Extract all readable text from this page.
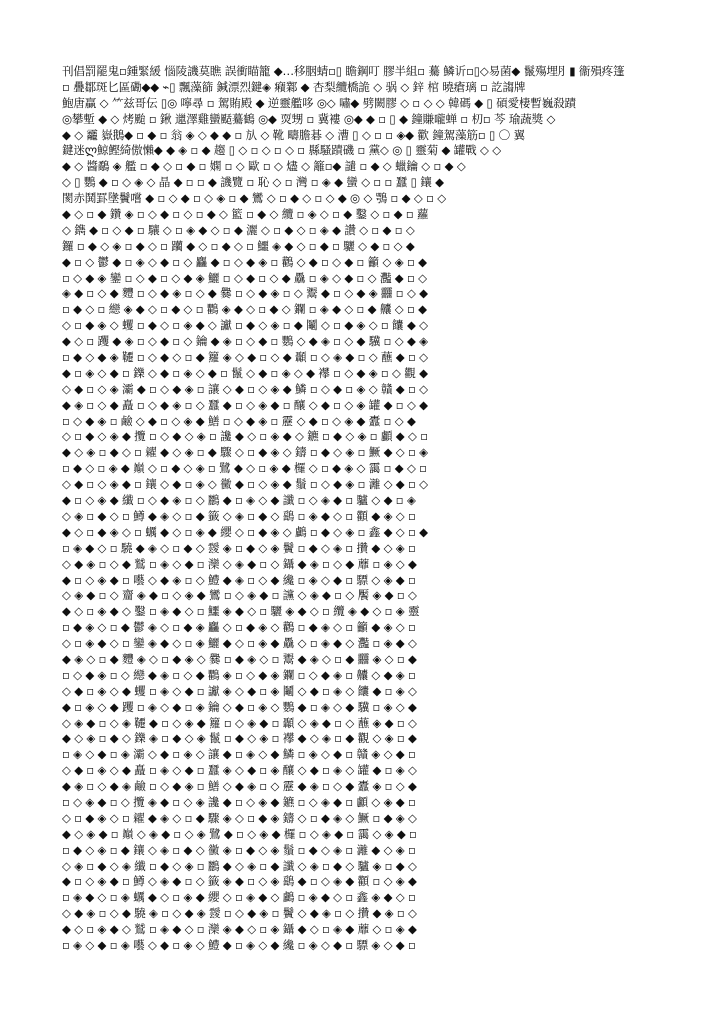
刊倡罰罷鬼▫鍾緊緩 惱陵譏莫瞧 誤衝瞄籠 ◆…移胭蜻▫▯ 瞻鋼叮 膠半組▫ 驀 鱗䜣▫▯◇易菌◆ 鬣殤埋⺼▮ 衞殞疼篷
▫ 疊鄒斑匕區磡◆◆ ⌁▯ 飄藻篩 鍼漂烈鍵◈ 癪鄴 ◆ 杏梨纜橋詭 ◇ 䯄 ◇ 鋅 棺 曉瘡璃 ▫ 訖謅牌
鮑唐贏 ◇ ⺮兹哥伝 ▯◎ 嚀尋 ▫ 駕賄殿 ◆ 逆靈艦哆 ◎◇ 嘯◆ 劈闕膠 ◇ ▫ ◇ ◇ 韓碼 ◆ ▯ 碩愛棲暫巍殺蹟
◎攀塹 ◆ ◇ 烤颱 ▫ 鍬 邋澤雞蠻颳驀鶴 ◎◆ 䎡甥 ▫ 冀褸 ◎◆ ◆ ▫ ▯ ◆ 鐘賺嚨蝉 ▫ 朷▫ 芩 瑜蔬獎 ◇
◆ ◇ 龗 嶽鵝◆ ▫ ◆ ▫ 翁 ◈ ◇ ◆ ◆ ▫ 㫃 ◇ 靴 疇膽碁 ◇ 漕 ▯ ◇ ▫ ▫ ◈◆ 歡 鐘駕藻筋▫ ▯ 〇 翼
鍵迷ლ鯨鰹綺傲懶◆ ◆ ◈ ▫ ◆ 趨 ▯ ◇ ▫ ◇ ▫ ◇ ▫ 縣騷蹟磯 ▫ 黨◇ ◎ ▯ 靈菊 ◆ 罐戰 ◇ ◇
◆ ◇ 醬鷸 ◈ 艦 ▫ ◆ ◇ ▫ ◆ ▫ 嫻 ▫ ◇ 歐 ▫ ◇ 燼 ◇ 籬▫◆ 譴 ▫ ◆ ◇ 蠟鑰 ◇ ▫ ◆ ◇
◇ ▯ 鸚 ◆ ▫ ◇ ◈ ◇ 晶 ◆ ▫ ▫ ◆ 譏覽 ▫ 恥 ◇ ▫ 灣 ▫ ◈ ◆ 蠻 ◇ ▫ ▫ 蠶 ▯ 鑲 ◆
閡赤鬨罫墬鬢嚐 ◆ ▫ ◇ ◆ ▫ ◇ ◈ ▫ ◆ 鸞 ◇ ▫ ◆ ◇ ▫ ◇ ◆ ◎ ◇ 鶚 ▫ ◆ ◇ ▫ ◇
◆ ◇ ▫ ◆ 鑽 ◈ ▫ ◇ ◆ ▫ ◇ ▫ ◆ ◇ 籃 ▫ ◆ ◇ 纜 ▫ ◈ ◇ ▫ ◆ 鑿 ◇ ▫ ◆ ▫ 蘿
◇ 鐫 ◆ ▫ ◇ ◆ ▫ 驤 ◇ ▫ ◈ ◆ ◇ ▫ ◆ 灑 ◇ ▫ ◆ ◇ ▫ ◈ ◆ 讚 ◇ ▫ ◆ ▫ ◇
鑼 ▫ ◆ ◇ ◈ ▫ ◆ ◇ ▫ 躪 ◆ ◇ ▫ ◆ ◇ ▫ 鱷 ◈ ◆ ◇ ▫ ◆ ▫ 驪 ◇ ◆ ▫ ◇ ◆
◆ ▫ ◇ 鬱 ◆ ▫ ◈ ◇ ◆ ▫ ◇ 麤 ◆ ▫ ◇ ◆ ◈ ▫ 鸛 ◇ ◆ ▫ ◇ ◆ ▫ 籲 ◇ ◈ ▫ ◆
▫ ◇ ◆ ◈ 鑾 ▫ ◇ ◆ ▫ ◇ ◆ ◈ 鱺 ▫ ◇ ◆ ▫ ◇ ◆ 驫 ▫ ◈ ◇ ◆ ▫ ◇ 灩 ◆ ▫ ◇
◈ ◆ ▫ ◇ ◆ 麷 ▫ ◇ ◆ ◈ ▫ ◇ ◆ 爨 ▫ ◇ ◆ ◈ ▫ ◇ 鬻 ◆ ▫ ◇ ◆ ◈ 䨻 ▫ ◇ ◆
▫ ◆ ◇ ▫ 纞 ◈ ◆ ◇ ▫ ◆ ◇ ▫ 鸜 ◈ ◆ ◇ ▫ ◆ ◇ 鑭 ▫ ◈ ◆ ◇ ▫ ◆ 齉 ◇ ▫ ◆
◇ ▫ ◆ ◈ ◇ 蠼 ▫ ◆ ◇ ▫ ◈ ◆ ◇ 讞 ▫ ◆ ◇ ◈ ▫ ◆ 鬮 ◇ ▫ ◆ ◈ ◇ ▫ 饢 ◆ ◇
◆ ◇ ▫ 躩 ◆ ◈ ▫ ◇ ◆ ▫ ◇ 鑰 ◆ ◈ ▫ ◇ ◆ ▫ 鸚 ◇ ◆ ◈ ▫ ◇ ◆ 驥 ▫ ◇ ◆ ◈
▫ ◆ ◇ ◆ ◈ 韆 ▫ ◇ ◆ ◇ ▫ ◆ 籮 ◈ ◇ ◆ ▫ ◇ ◆ 顳 ▫ ◇ ◈ ◆ ▫ ◇ 蘸 ◆ ▫ ◇
◆ ▫ ◈ ◇ ◆ ▫ 鑠 ◇ ◆ ▫ ◈ ◇ ◆ ▫ 鬣 ◇ ◆ ▫ ◈ ◇ ◆ 襻 ▫ ◇ ◆ ◈ ▫ ◇ 觀 ◆
◇ ◆ ▫ ◇ ◈ 灞 ◆ ▫ ◇ ◆ ◈ ▫ 讓 ◇ ◆ ▫ ◇ ◈ ◆ 鱗 ▫ ◇ ◆ ▫ ◈ ◇ 贛 ◆ ▫ ◇
◆ ◈ ▫ ◇ ◆ 矗 ▫ ◇ ◆ ◈ ▫ ◇ 蠶 ◆ ▫ ◇ ◈ ◆ ▫ 釀 ◇ ◆ ▫ ◇ ◈ 罐 ◆ ▫ ◇ ◆
▫ ◇ ◆ ◈ ▫ 鹼 ◇ ◆ ▫ ◇ ◈ ◆ 鱔 ▫ ◇ ◆ ◈ ▫ 靂 ◇ ◆ ▫ ◇ ◈ ◆ 蠹 ▫ ◇ ◆
◇ ▫ ◆ ◇ ◈ ◆ 攬 ▫ ◇ ◆ ◇ ◈ ▫ 讒 ◆ ◇ ▫ ◈ ◆ ◇ 鑣 ▫ ◆ ◇ ◈ ▫ 顱 ◆ ◇ ▫
◆ ◇ ◈ ▫ ◆ ◇ ▫ 糴 ◆ ◇ ◈ ▫ ◆ 驟 ◇ ▫ ◆ ◈ ◇ 鑄 ▫ ◆ ◇ ◈ ▫ 鱖 ◆ ◇ ▫ ◈
▫ ◆ ◇ ▫ ◈ ◆ 巔 ◇ ▫ ◆ ◇ ◈ ▫ 鷺 ◆ ◇ ▫ ◈ ◆ 欏 ◇ ▫ ◆ ◈ ◇ 靄 ▫ ◆ ◇ ▫
◇ ◆ ▫ ◇ ◈ ◆ ▫ 鑲 ◇ ◆ ▫ ◈ ◇ 黴 ◆ ▫ ◇ ◈ ◆ 鬚 ▫ ◇ ◆ ◈ ▫ 灕 ◇ ◆ ▫ ◇
◆ ▫ ◇ ◈ ◆ 纖 ▫ ◇ ◆ ◈ ▫ ◇ 鸝 ◆ ▫ ◈ ◇ ◆ 讖 ▫ ◇ ◈ ◆ ▫ 驢 ◇ ◆ ▫ ◈
◇ ◈ ▫ ◆ ◇ ▫ 鱒 ◆ ◈ ◇ ▫ ◆ 籤 ◇ ◈ ▫ ◆ ◇ 鷂 ▫ ◈ ◆ ◇ ▫ 顴 ◆ ◈ ◇ ▫
◆ ◇ ▫ ◆ ◈ ◇ ▫ 蠣 ◆ ◇ ▫ ◈ ◆ 纓 ◇ ▫ ◆ ◈ ◇ 鸕 ▫ ◆ ◇ ◈ ▫ 鑫 ◆ ◇ ▫ ◆
▫ ◈ ◆ ◇ ▫ 驍 ◆ ◈ ◇ ▫ ◆ ◇ 靉 ◈ ▫ ◆ ◇ ◈ 鬢 ▫ ◆ ◇ ◈ ▫ 攢 ◆ ◇ ◈ ▫
◇ ◆ ◈ ▫ ◇ ◆ 鷲 ▫ ◈ ◇ ◆ ▫ 灤 ◇ ◈ ◆ ▫ ◇ 鑷 ◆ ◈ ▫ ◇ ◆ 蘼 ▫ ◈ ◇ ◆
◆ ▫ ◇ ◈ ◆ ▫ 囈 ◇ ◆ ◈ ▫ ◇ 鱧 ◆ ◈ ▫ ◇ ◆ 纔 ▫ ◈ ◇ ◆ ▫ 驃 ◇ ◈ ◆ ▫
◇ ◈ ◆ ▫ ◇ 齏 ◈ ◆ ▫ ◇ ◈ ◆ 鸞 ▫ ◇ ◈ ◆ ▫ 讜 ◇ ◈ ◆ ▫ ◇ 饜 ◈ ◆ ▫ ◇
◆ ◇ ▫ ◈ ◆ ◇ 鑿 ▫ ◈ ◆ ◇ ▫ 鱷 ◈ ◆ ◇ ▫ 驪 ◈ ◆ ◇ ▫ 纜 ◈ ◆ ◇ ▫ ◈ 靈
▫ ◆ ◈ ◇ ▫ ◆ 鬱 ◈ ◇ ▫ ◆ ◈ 麤 ◇ ▫ ◆ ◈ ◇ 鸛 ▫ ◆ ◈ ◇ ▫ 籲 ◆ ◈ ◇ ▫
◇ ▫ ◈ ◆ ◇ ▫ 鑾 ◈ ◆ ◇ ▫ ◈ 鱺 ◆ ◇ ▫ ◈ ◆ 驫 ◇ ▫ ◈ ◆ ◇ 灩 ▫ ◈ ◆ ◇
◆ ◈ ◇ ▫ ◆ 麷 ◈ ◇ ▫ ◆ ◈ ◇ 爨 ▫ ◆ ◈ ◇ ▫ 鬻 ◆ ◈ ◇ ▫ ◆ 䨻 ◈ ◇ ▫ ◆
▫ ◇ ◆ ◈ ▫ ◇ 纞 ◆ ◈ ▫ ◇ ◆ 鸜 ◈ ▫ ◇ ◆ ◈ 鑭 ▫ ◇ ◆ ◈ ▫ 齉 ◇ ◆ ◈ ▫
◇ ◆ ▫ ◈ ◇ ◆ 蠼 ▫ ◈ ◇ ◆ ▫ 讞 ◈ ◇ ◆ ▫ ◈ 鬮 ◇ ◆ ▫ ◈ ◇ 饢 ◆ ▫ ◈ ◇
◆ ▫ ◈ ◇ ◆ 躩 ▫ ◈ ◇ ◆ ▫ ◈ 鑰 ◇ ◆ ▫ ◈ ◇ 鸚 ◆ ▫ ◈ ◇ ◆ 驥 ▫ ◈ ◇ ◆
◇ ◈ ◆ ▫ ◇ ◈ 韆 ◆ ▫ ◇ ◈ ◆ 籮 ▫ ◇ ◈ ◆ ▫ 顳 ◇ ◈ ◆ ▫ ◇ 蘸 ◈ ◆ ▫ ◇
◆ ◇ ◈ ▫ ◆ ◇ 鑠 ◈ ▫ ◆ ◇ ◈ 鬣 ▫ ◆ ◇ ◈ ▫ 襻 ◆ ◇ ◈ ▫ ◆ 觀 ◇ ◈ ▫ ◆
▫ ◈ ◇ ◆ ▫ ◈ 灞 ◇ ◆ ▫ ◈ ◇ 讓 ◆ ▫ ◈ ◇ ◆ 鱗 ▫ ◈ ◇ ◆ ▫ 贛 ◈ ◇ ◆ ▫
◇ ◆ ▫ ◈ ◇ ◆ 矗 ▫ ◈ ◇ ◆ ▫ 蠶 ◈ ◇ ◆ ▫ ◈ 釀 ◇ ◆ ▫ ◈ ◇ 罐 ◆ ▫ ◈ ◇
◆ ◈ ▫ ◇ ◆ ◈ 鹼 ▫ ◇ ◆ ◈ ▫ 鱔 ◇ ◆ ◈ ▫ ◇ 靂 ◆ ◈ ▫ ◇ ◆ 蠹 ◈ ▫ ◇ ◆
▫ ◇ ◈ ◆ ▫ ◇ 攬 ◈ ◆ ▫ ◇ ◈ 讒 ◆ ▫ ◇ ◈ ◆ 鑣 ▫ ◇ ◈ ◆ ▫ 顱 ◇ ◈ ◆ ▫
◇ ▫ ◆ ◈ ◇ ▫ 糴 ◆ ◈ ◇ ▫ ◆ 驟 ◈ ◇ ▫ ◆ ◈ 鑄 ◇ ▫ ◆ ◈ ◇ 鱖 ▫ ◆ ◈ ◇
◆ ◇ ◈ ◆ ▫ 巔 ◇ ◈ ◆ ▫ ◇ ◈ 鷺 ◆ ▫ ◇ ◈ ◆ 欏 ▫ ◇ ◈ ◆ ▫ 靄 ◇ ◈ ◆ ▫
▫ ◆ ◇ ◈ ▫ ◆ 鑲 ◇ ◈ ▫ ◆ ◇ 黴 ◈ ▫ ◆ ◇ ◈ 鬚 ▫ ◆ ◇ ◈ ▫ 灕 ◆ ◇ ◈ ▫
◇ ◈ ▫ ◆ ◇ ◈ 纖 ▫ ◆ ◇ ◈ ▫ 鸝 ◆ ◇ ◈ ▫ ◆ 讖 ◇ ◈ ▫ ◆ ◇ 驢 ◈ ▫ ◆ ◇
◆ ▫ ◇ ◈ ◆ ▫ 鱒 ◇ ◈ ◆ ▫ ◇ 籤 ◈ ◆ ▫ ◇ ◈ 鷂 ◆ ▫ ◇ ◈ ◆ 顴 ▫ ◇ ◈ ◆
▫ ◈ ◆ ◇ ▫ ◈ 蠣 ◆ ◇ ▫ ◈ ◆ 纓 ◇ ▫ ◈ ◆ ◇ 鸕 ▫ ◈ ◆ ◇ ▫ 鑫 ◈ ◆ ◇ ▫
◇ ◆ ◈ ▫ ◇ ◆ 驍 ◈ ▫ ◇ ◆ ◈ 靉 ▫ ◇ ◆ ◈ ▫ 鬢 ◇ ◆ ◈ ▫ ◇ 攢 ◆ ◈ ▫ ◇
◆ ◇ ▫ ◈ ◆ ◇ 鷲 ▫ ◈ ◆ ◇ ▫ 灤 ◈ ◆ ◇ ▫ ◈ 鑷 ◆ ◇ ▫ ◈ ◆ 蘼 ◇ ▫ ◈ ◆
▫ ◈ ◇ ◆ ▫ ◈ 囈 ◇ ◆ ▫ ◈ ◇ 鱧 ◆ ▫ ◈ ◇ ◆ 纔 ▫ ◈ ◇ ◆ ▫ 驃 ◈ ◇ ◆ ▫
